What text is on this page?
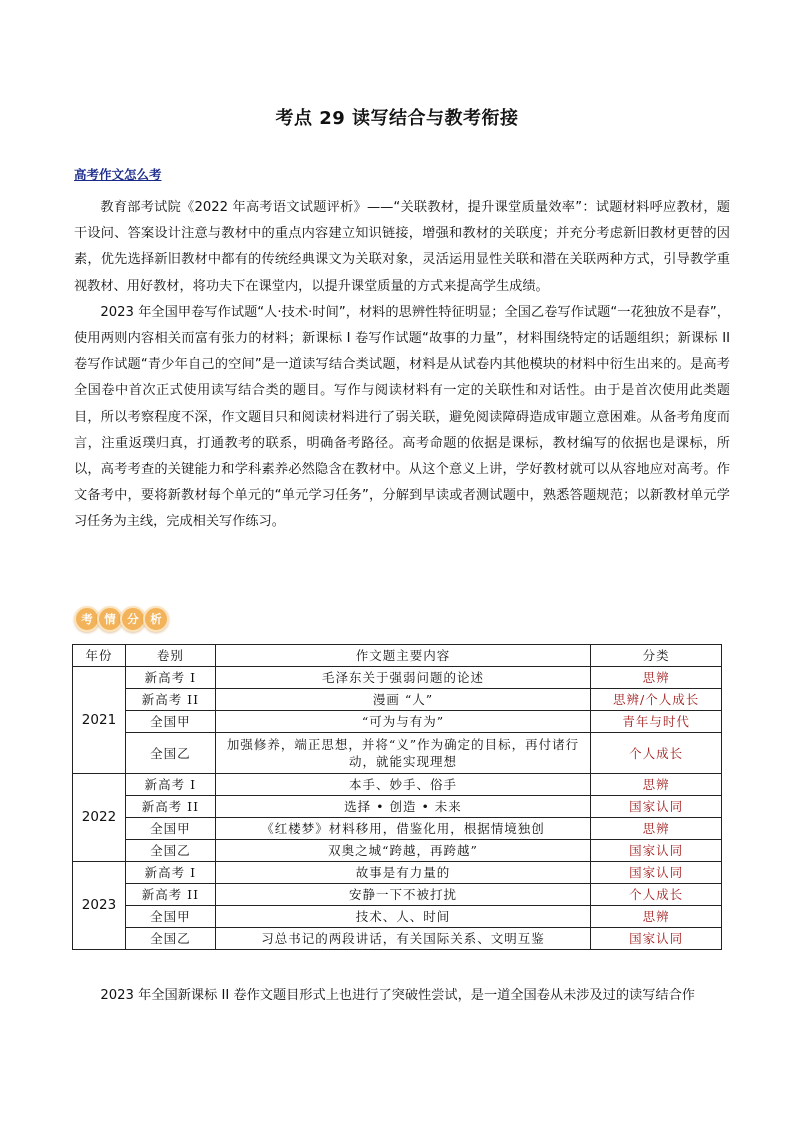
考点 29 读写结合与教考衔接
高考作文怎么考

教育部考试院《2022 年高考语文试题评析》——“关联教材，提升课堂质量效率”：试题材料呼应教材，题干设问、答案设计注意与教材中的重点内容建立知识链接，增强和教材的关联度；并充分考虑新旧教材更替的因素，优先选择新旧教材中都有的传统经典课文为关联对象，灵活运用显性关联和潜在关联两种方式，引导教学重视教材、用好教材，将功夫下在课堂内，以提升课堂质量的方式来提高学生成绩。

2023 年全国甲卷写作试题“人·技术·时间”，材料的思辨性特征明显；全国乙卷写作试题“一花独放不是春”，使用两则内容相关而富有张力的材料；新课标 I 卷写作试题“故事的力量”，材料围绕特定的话题组织；新课标 II 卷写作试题“青少年自己的空间”是一道读写结合类试题，材料是从试卷内其他模块的材料中衍生出来的。是高考全国卷中首次正式使用读写结合类的题目。写作与阅读材料有一定的关联性和对话性。由于是首次使用此类题目，所以考察程度不深，作文题目只和阅读材料进行了弱关联，避免阅读障碍造成审题立意困难。从备考角度而言，注重返璞归真，打通教考的联系，明确备考路径。高考命题的依据是课标，教材编写的依据也是课标，所以，高考考查的关键能力和学科素养必然隐含在教材中。从这个意义上讲，学好教材就可以从容地应对高考。作文备考中，要将新教材每个单元的“单元学习任务”，分解到早读或者测试题中，熟悉答题规范；以新教材单元学习任务为主线，完成相关写作练习。

考	情	分	析
年份	卷别	作文题主要内容	分类
2021	新高考 I	毛泽东关于强弱问题的论述	思辨
	新高考 II	漫画 “人”	思辨/个人成长
	全国甲	“可为与有为”	青年与时代
	全国乙	加强修养，端正思想，并将“义”作为确定的目标，再付诸行动，就能实现理想	个人成长
2022	新高考 I	本手、妙手、俗手	思辨
	新高考 II	选择 • 创造 • 未来	国家认同
	全国甲	《红楼梦》材料移用，借鉴化用，根据情境独创	思辨
	全国乙	双奥之城“跨越，再跨越”	国家认同
2023	新高考 I	故事是有力量的	国家认同
	新高考 II	安静一下不被打扰	个人成长
	全国甲	技术、人、时间	思辨
	全国乙	习总书记的两段讲话，有关国际关系、文明互鉴	国家认同
2023 年全国新课标 II 卷作文题目形式上也进行了突破性尝试，是一道全国卷从未涉及过的读写结合作
